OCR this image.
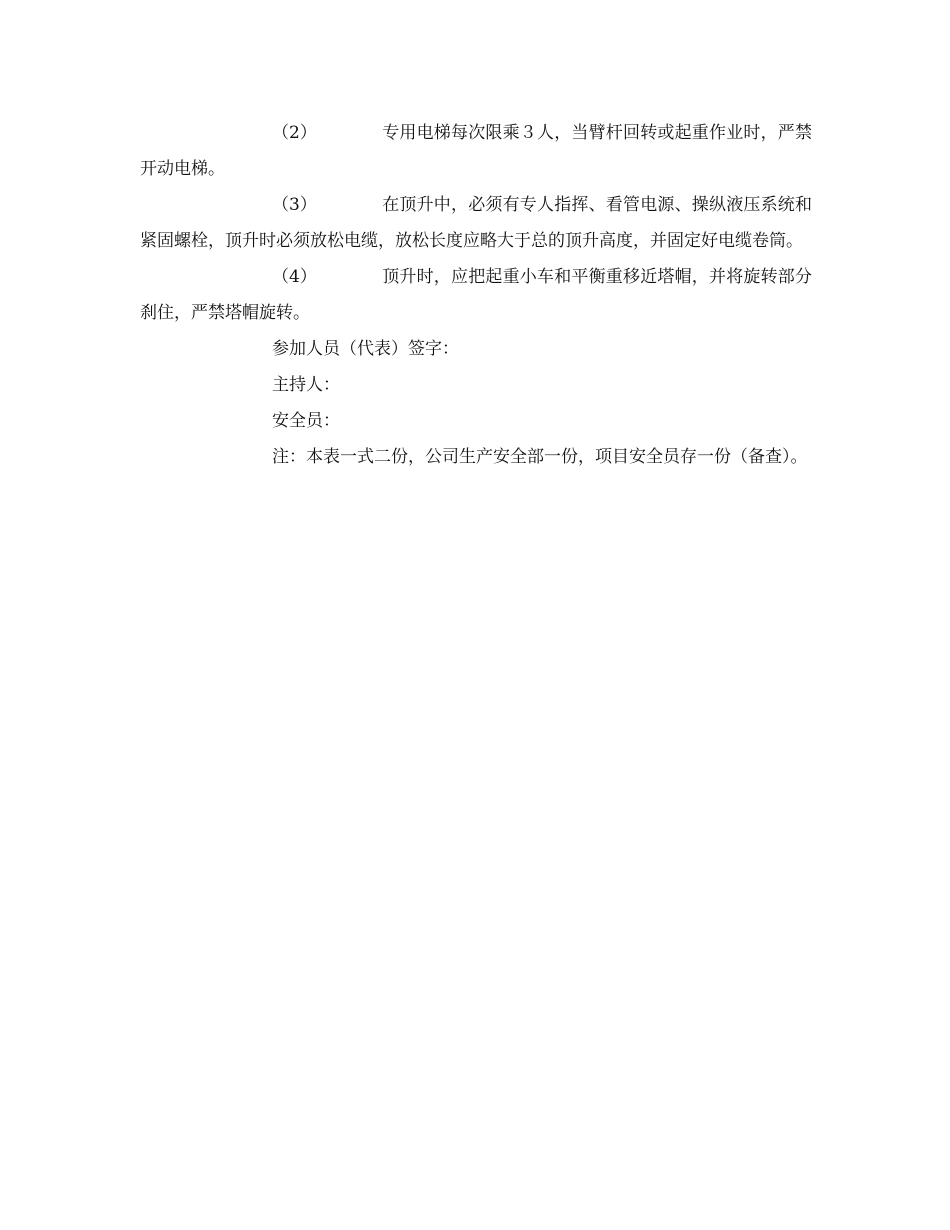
（2）	专用电梯每次限乘３人，当臂杆回转或起重作业时，严禁开动电梯。

（3）	在顶升中，必须有专人指挥、看管电源、操纵液压系统和紧固螺栓，顶升时必须放松电缆，放松长度应略大于总的顶升高度，并固定好电缆卷筒。

（4）	顶升时，应把起重小车和平衡重移近塔帽，并将旋转部分刹住，严禁塔帽旋转。

参加人员（代表）签字：

主持人：

安全员：

注：本表一式二份，公司生产安全部一份，项目安全员存一份（备查）。
